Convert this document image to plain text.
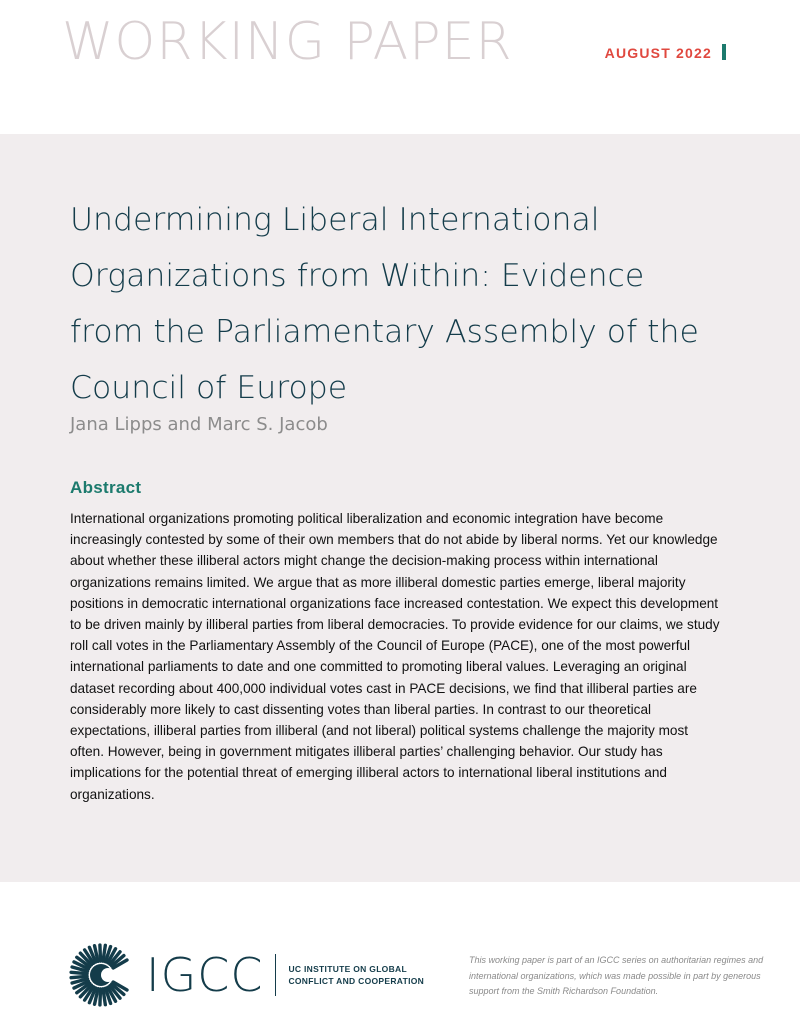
WORKING PAPER	AUGUST 2022
Undermining Liberal International Organizations from Within: Evidence from the Parliamentary Assembly of the Council of Europe
Jana Lipps and Marc S. Jacob
Abstract

International organizations promoting political liberalization and economic integration have become increasingly contested by some of their own members that do not abide by liberal norms. Yet our knowledge about whether these illiberal actors might change the decision-making process within international organizations remains limited. We argue that as more illiberal domestic parties emerge, liberal majority positions in democratic international organizations face increased contestation. We expect this development to be driven mainly by illiberal parties from liberal democracies. To provide evidence for our claims, we study roll call votes in the Parliamentary Assembly of the Council of Europe (PACE), one of the most powerful international parliaments to date and one committed to promoting liberal values. Leveraging an original dataset recording about 400,000 individual votes cast in PACE decisions, we find that illiberal parties are considerably more likely to cast dissenting votes than liberal parties. In contrast to our theoretical expectations, illiberal parties from illiberal (and not liberal) political systems challenge the majority most often. However, being in government mitigates illiberal parties’ challenging behavior. Our study has implications for the potential threat of emerging illiberal actors to international liberal institutions and organizations.

IGCC	UC INSTITUTE ON GLOBAL
CONFLICT AND COOPERATION

This working paper is part of an IGCC series on authoritarian regimes and international organizations, which was made possible in part by generous support from the Smith Richardson Foundation.
